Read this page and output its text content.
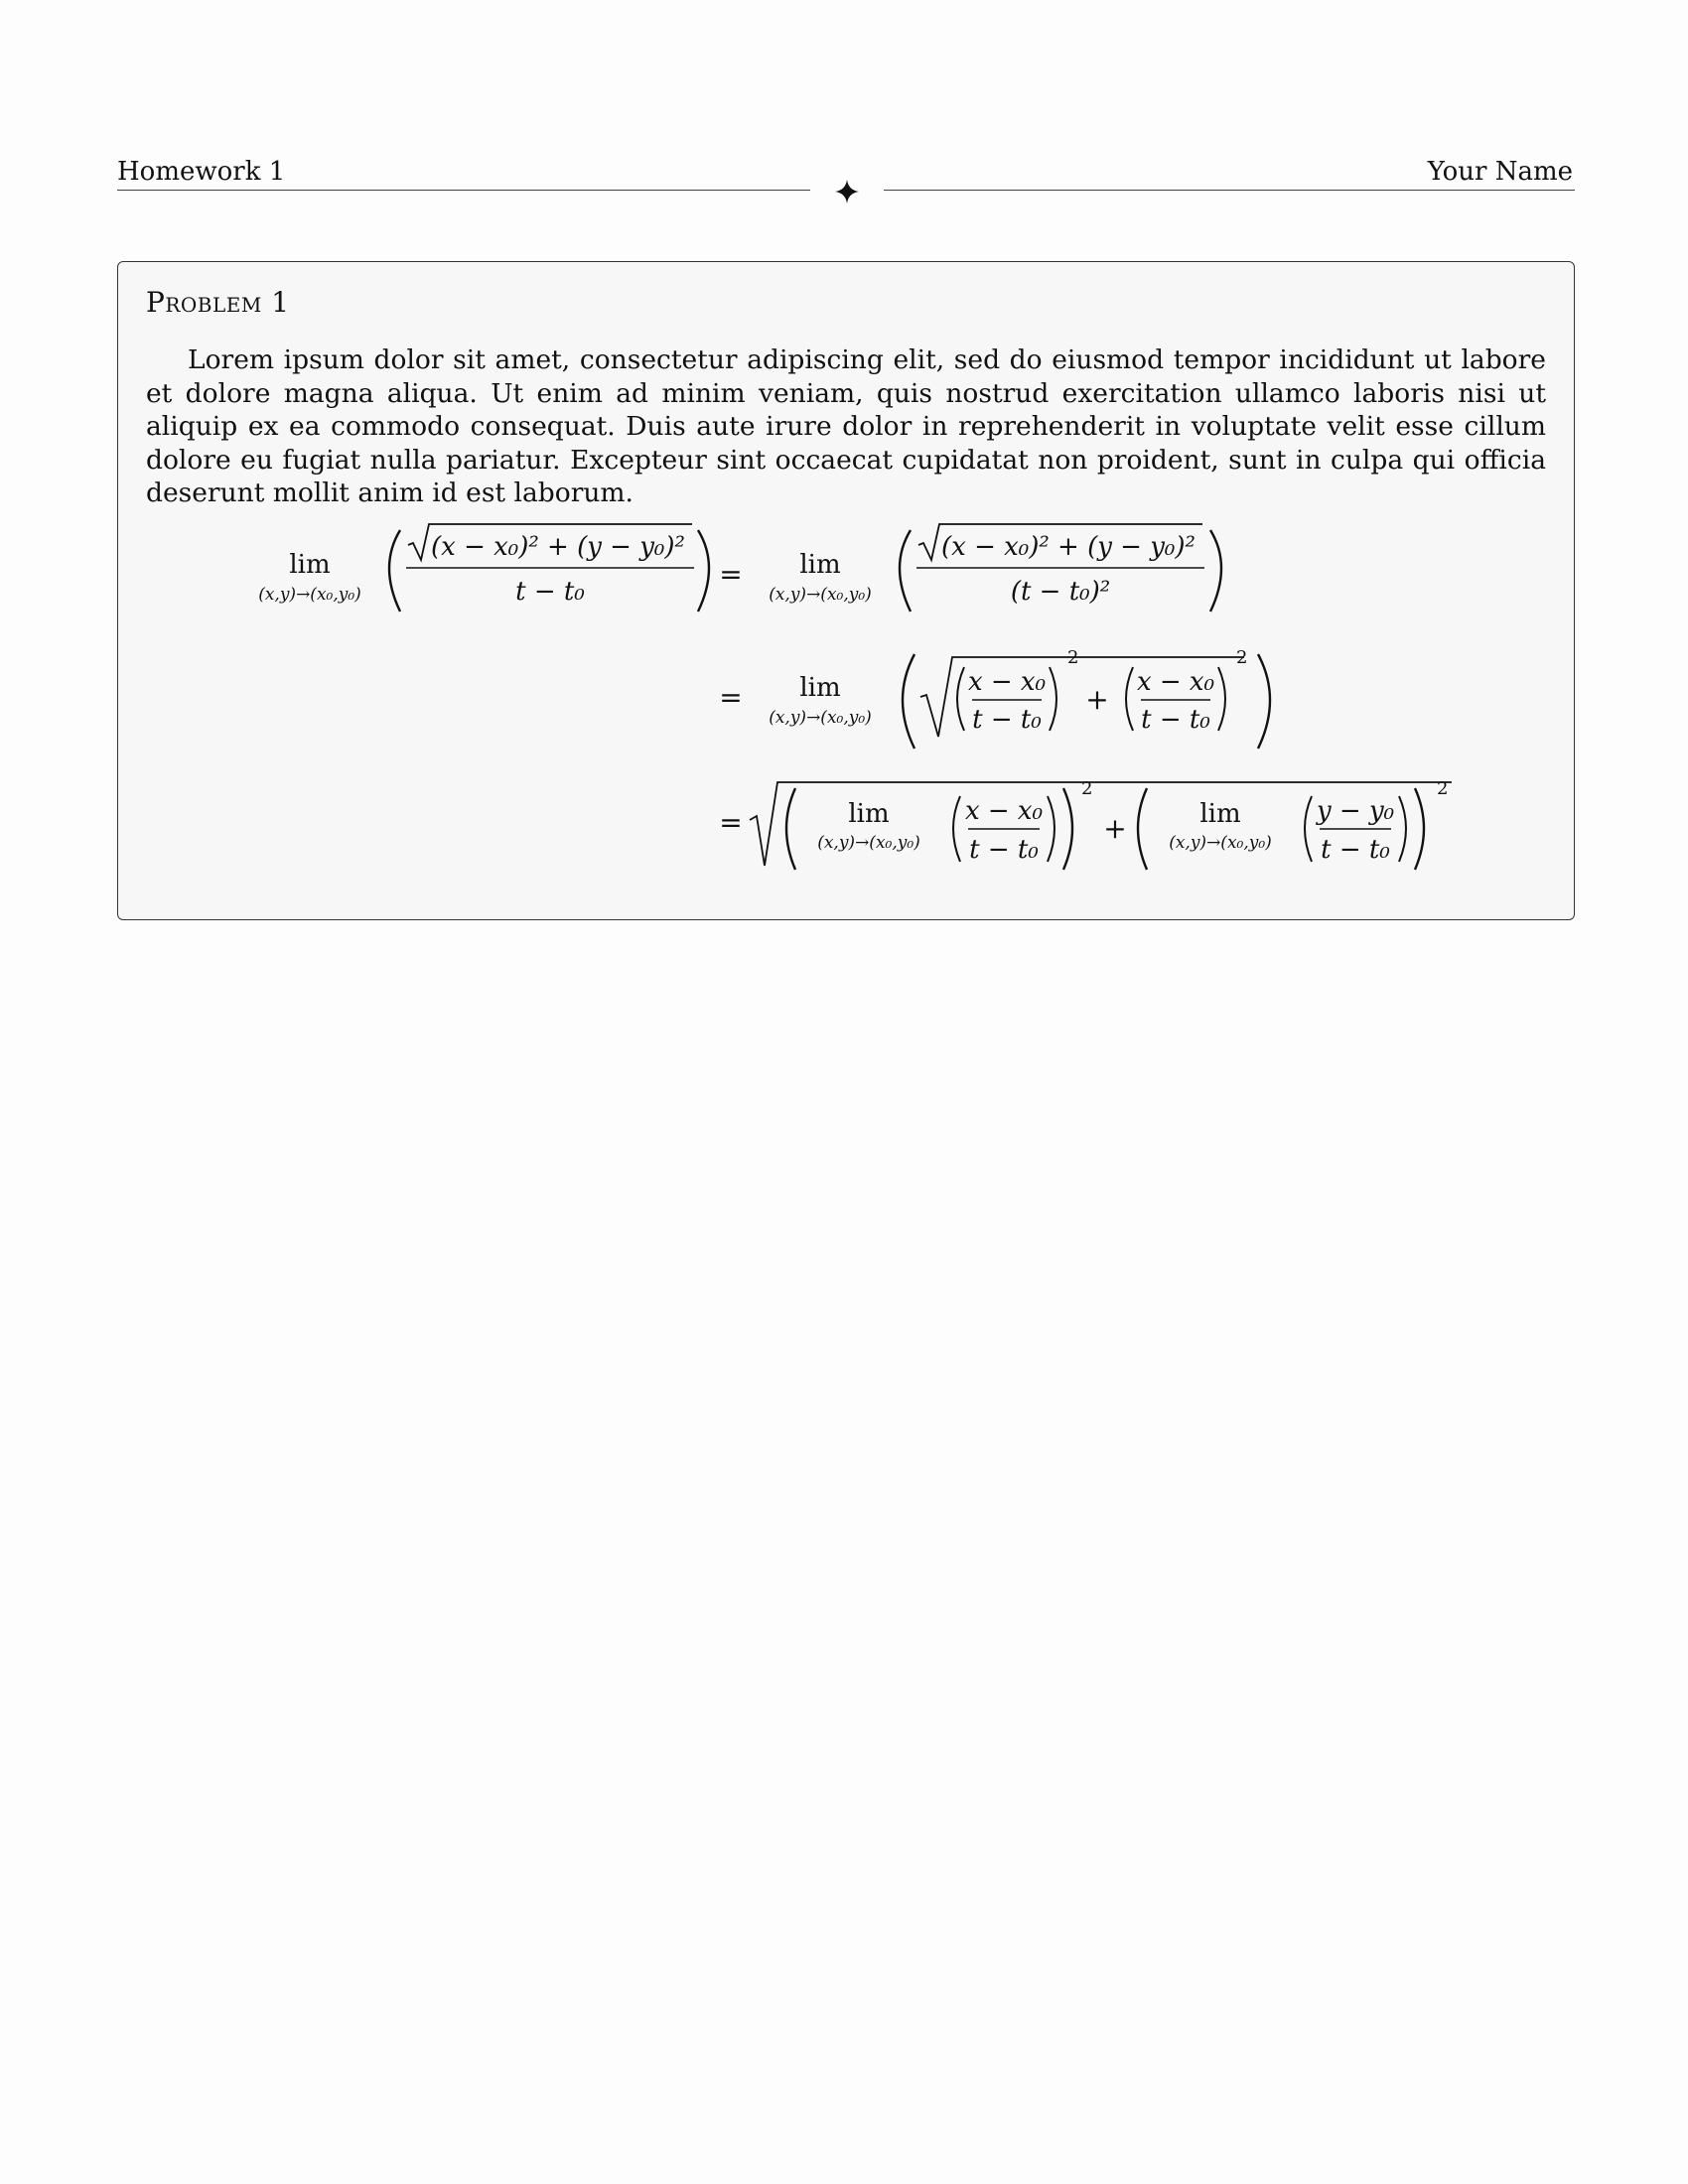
Homework 1	Your Name
Problem 1
Lorem ipsum dolor sit amet, consectetur adipiscing elit, sed do eiusmod tempor incididunt ut labore et dolore magna aliqua. Ut enim ad minim veniam, quis nostrud exercitation ullamco laboris nisi ut aliquip ex ea commodo consequat. Duis aute irure dolor in reprehenderit in voluptate velit esse cillum dolore eu fugiat nulla pariatur. Excepteur sint occaecat cupidatat non proident, sunt in culpa qui officia deserunt mollit anim id est laborum.
lim
(x,y)→(x₀,y₀)
(x − x₀)² + (y − y₀)²
t − t₀
= lim
(x,y)→(x₀,y₀)
(x − x₀)² + (y − y₀)²
(t − t₀)²
= lim
(x,y)→(x₀,y₀)
x − x₀
t − t₀
2
+
x − x₀
t − t₀
2
=	lim
(x,y)→(x₀,y₀)
x − x₀
t − t₀
2
+	lim
(x,y)→(x₀,y₀)
y − y₀
t − t₀
2
